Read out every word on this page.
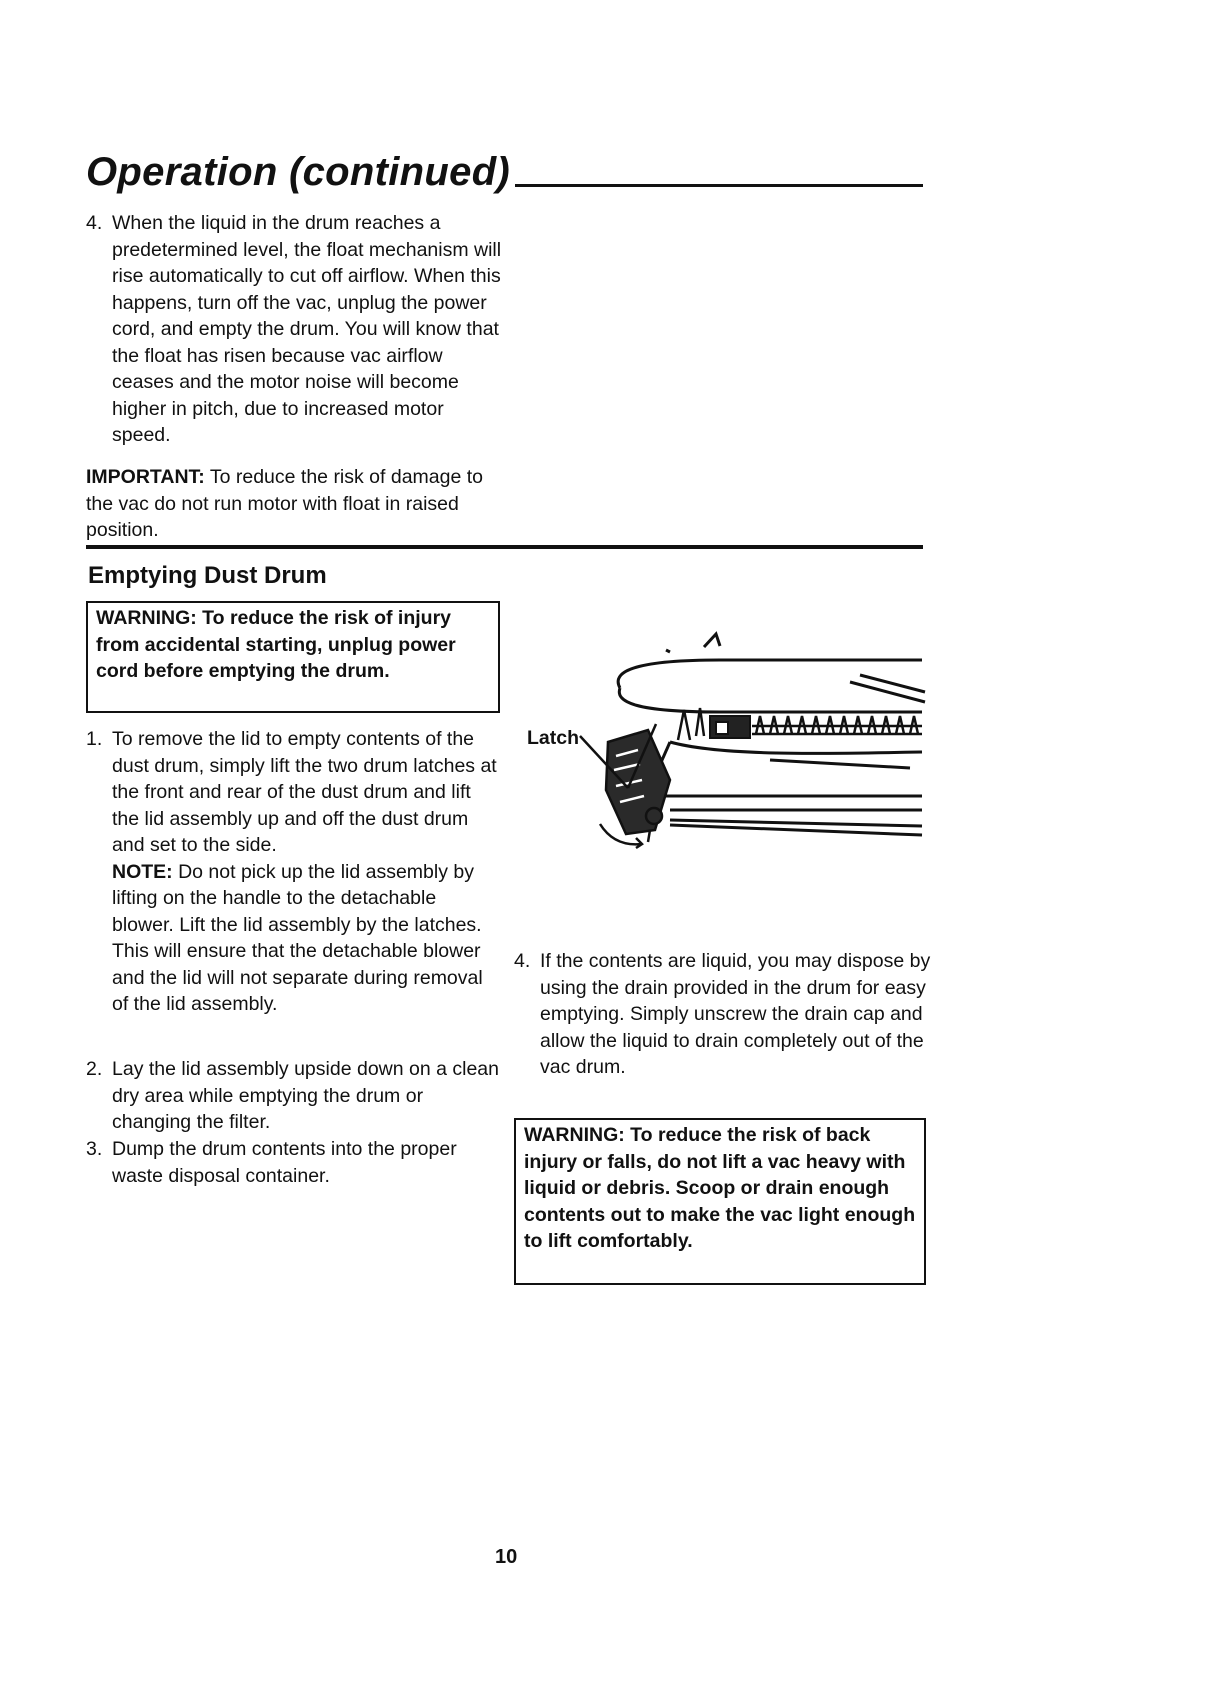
Operation (continued)
4. When the liquid in the drum reaches a predetermined level, the float mechanism will rise automatically to cut off airflow. When this happens, turn off the vac, unplug the power cord, and empty the drum. You will know that the float has risen because vac airflow ceases and the motor noise will become higher in pitch, due to increased motor speed.

IMPORTANT: To reduce the risk of damage to the vac do not run motor with float in raised position.

Emptying Dust Drum
WARNING: To reduce the risk of injury from accidental starting, unplug power cord before emptying the drum.
1. To remove the lid to empty contents of the dust drum, simply lift the two drum latches at the front and rear of the dust drum and lift the lid assembly up and off the dust drum and set to the side.
NOTE: Do not pick up the lid assembly by lifting on the handle to the detachable blower. Lift the lid assembly by the latches. This will ensure that the detachable blower and the lid will not separate during removal of the lid assembly.
2. Lay the lid assembly upside down on a clean dry area while emptying the drum or changing the filter.
3. Dump the drum contents into the proper waste disposal container.
Latch
4. If the contents are liquid, you may dispose by using the drain provided in the drum for easy emptying. Simply unscrew the drain cap and allow the liquid to drain completely out of the vac drum.
WARNING: To reduce the risk of back injury or falls, do not lift a vac heavy with liquid or debris. Scoop or drain enough contents out to make the vac light enough to lift comfortably.
10
